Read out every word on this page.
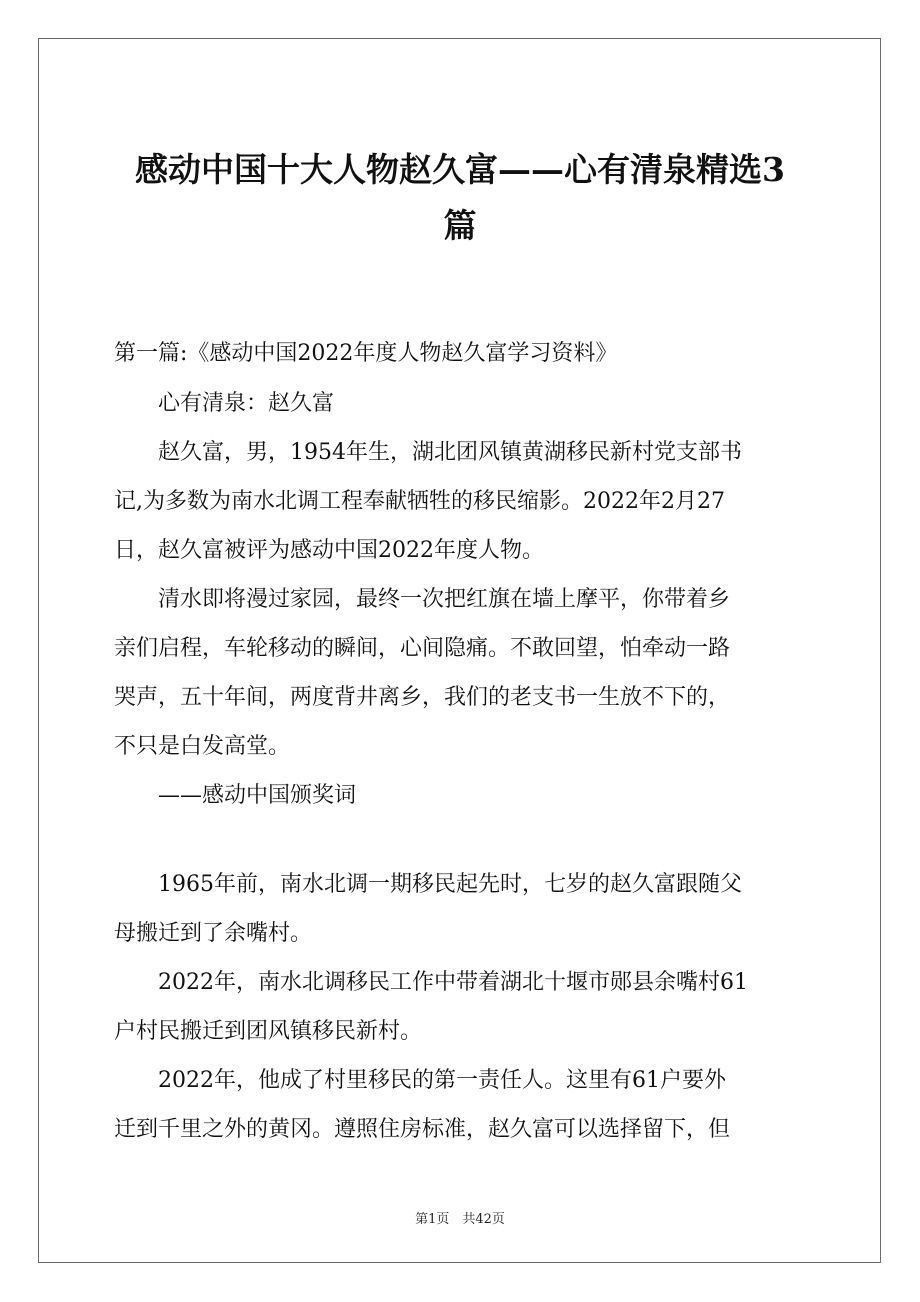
感动中国十大人物赵久富——心有清泉精选3
篇

第一篇:《感动中国2022年度人物赵久富学习资料》

心有清泉：赵久富

赵久富，男，1954年生，湖北团风镇黄湖移民新村党支部书
记,为多数为南水北调工程奉献牺牲的移民缩影。2022年2月27
日，赵久富被评为感动中国2022年度人物。

清水即将漫过家园，最终一次把红旗在墙上摩平，你带着乡
亲们启程，车轮移动的瞬间，心间隐痛。不敢回望，怕牵动一路
哭声，五十年间，两度背井离乡，我们的老支书一生放不下的，
不只是白发高堂。

——感动中国颁奖词

1965年前，南水北调一期移民起先时，七岁的赵久富跟随父
母搬迁到了余嘴村。

2022年，南水北调移民工作中带着湖北十堰市郧县余嘴村61
户村民搬迁到团风镇移民新村。

2022年，他成了村里移民的第一责任人。这里有61户要外
迁到千里之外的黄冈。遵照住房标准，赵久富可以选择留下，但

第1页　共42页
